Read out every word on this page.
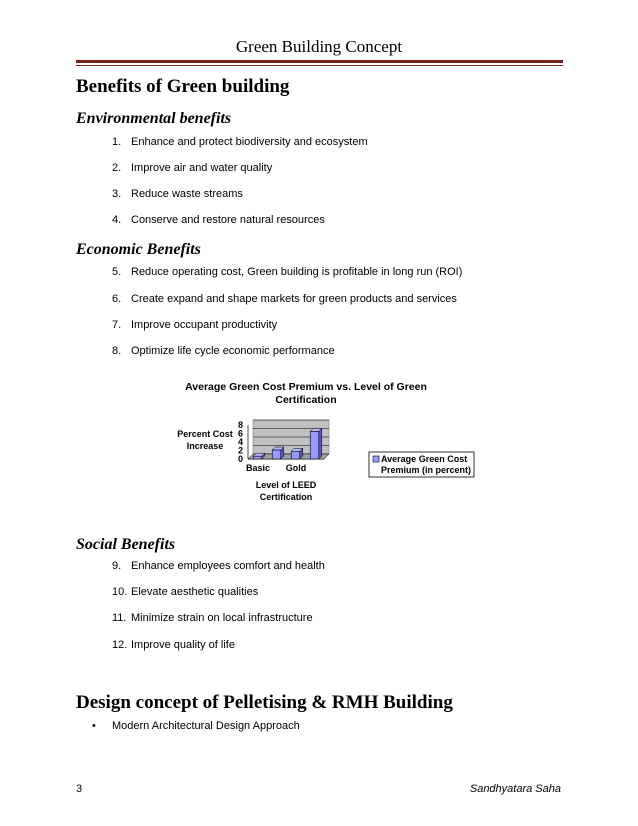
Green Building Concept
Benefits of Green building
Environmental benefits
1. Enhance and protect biodiversity and ecosystem
2. Improve air and water quality
3. Reduce waste streams
4. Conserve and restore natural resources
Economic Benefits
5. Reduce operating cost, Green building is profitable in long run (ROI)
6. Create expand and shape markets for green products and services
7. Improve occupant productivity
8. Optimize life cycle economic performance
Average Green Cost Premium vs. Level of Green
Certification
Percent Cost
Increase
8
6
4
2
0
Basic Gold
Level of LEED
Certification
Average Green Cost
Premium (in percent)
Social Benefits
9. Enhance employees comfort and health
10. Elevate aesthetic qualities
11. Minimize strain on local infrastructure
12. Improve quality of life
Design concept of Pelletising & RMH Building
• Modern Architectural Design Approach
3	Sandhyatara Saha
